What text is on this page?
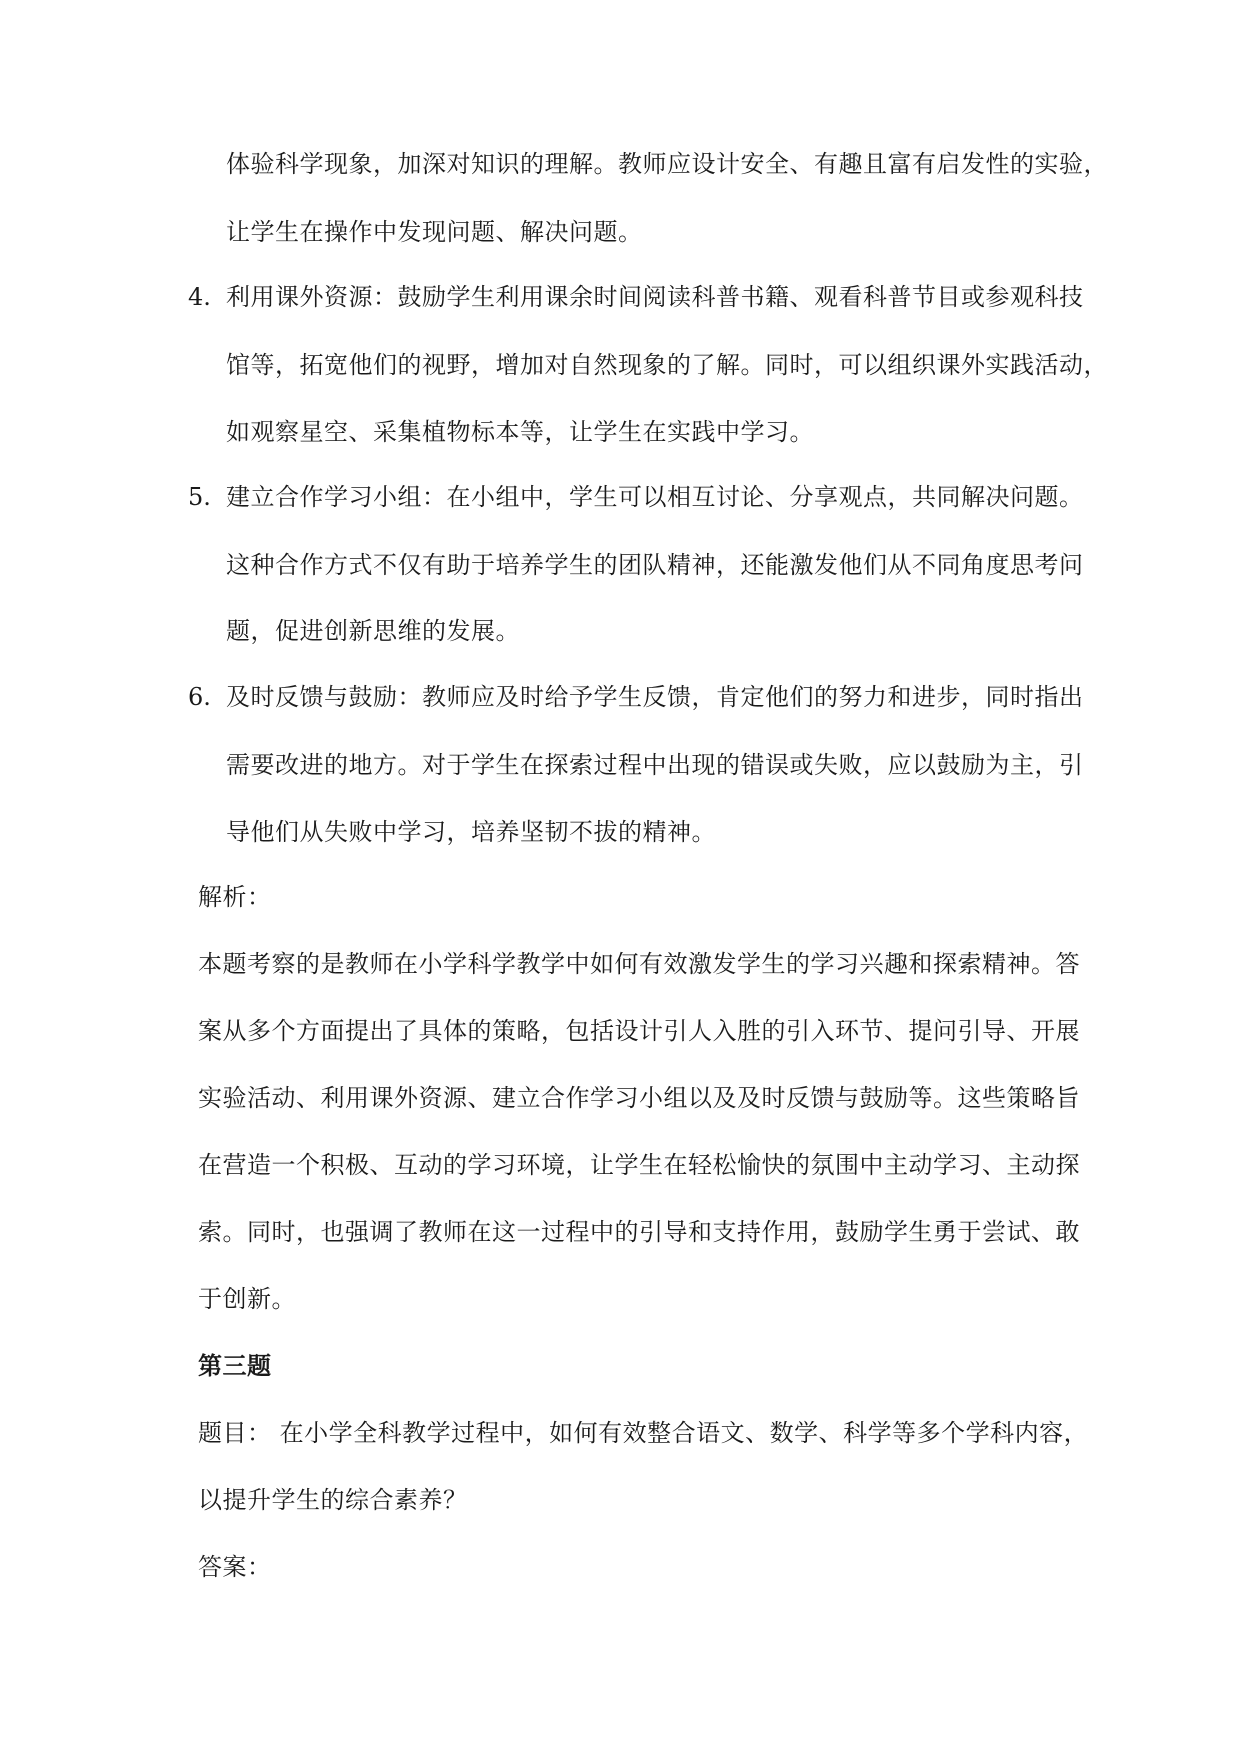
体验科学现象，加深对知识的理解。教师应设计安全、有趣且富有启发性的实验，
让学生在操作中发现问题、解决问题。
4. 利用课外资源：鼓励学生利用课余时间阅读科普书籍、观看科普节目或参观科技
馆等，拓宽他们的视野，增加对自然现象的了解。同时，可以组织课外实践活动，
如观察星空、采集植物标本等，让学生在实践中学习。
5. 建立合作学习小组：在小组中，学生可以相互讨论、分享观点，共同解决问题。
这种合作方式不仅有助于培养学生的团队精神，还能激发他们从不同角度思考问
题，促进创新思维的发展。
6. 及时反馈与鼓励：教师应及时给予学生反馈，肯定他们的努力和进步，同时指出
需要改进的地方。对于学生在探索过程中出现的错误或失败，应以鼓励为主，引
导他们从失败中学习，培养坚韧不拔的精神。
解析：
本题考察的是教师在小学科学教学中如何有效激发学生的学习兴趣和探索精神。答
案从多个方面提出了具体的策略，包括设计引人入胜的引入环节、提问引导、开展
实验活动、利用课外资源、建立合作学习小组以及及时反馈与鼓励等。这些策略旨
在营造一个积极、互动的学习环境，让学生在轻松愉快的氛围中主动学习、主动探
索。同时，也强调了教师在这一过程中的引导和支持作用，鼓励学生勇于尝试、敢
于创新。
第三题
题目： 在小学全科教学过程中，如何有效整合语文、数学、科学等多个学科内容，
以提升学生的综合素养？
答案：
